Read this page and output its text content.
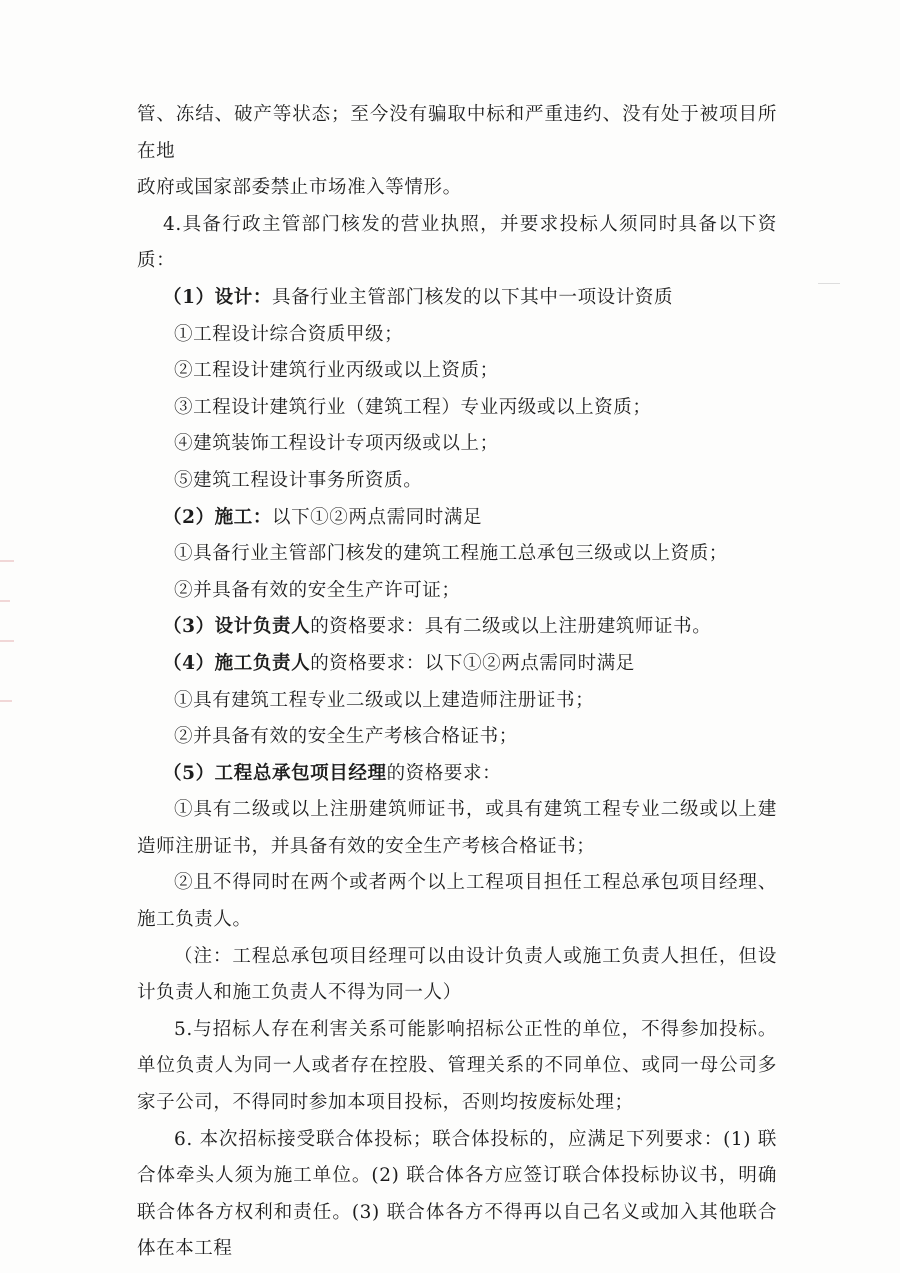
管、冻结、破产等状态；至今没有骗取中标和严重违约、没有处于被项目所在地

政府或国家部委禁止市场准入等情形。

4.具备行政主管部门核发的营业执照，并要求投标人须同时具备以下资质：

（1）设计：具备行业主管部门核发的以下其中一项设计资质

①工程设计综合资质甲级；

②工程设计建筑行业丙级或以上资质；

③工程设计建筑行业（建筑工程）专业丙级或以上资质；

④建筑装饰工程设计专项丙级或以上；

⑤建筑工程设计事务所资质。

（2）施工：以下①②两点需同时满足

①具备行业主管部门核发的建筑工程施工总承包三级或以上资质；

②并具备有效的安全生产许可证；

（3）设计负责人的资格要求：具有二级或以上注册建筑师证书。

（4）施工负责人的资格要求：以下①②两点需同时满足

①具有建筑工程专业二级或以上建造师注册证书；

②并具备有效的安全生产考核合格证书；

（5）工程总承包项目经理的资格要求：

①具有二级或以上注册建筑师证书，或具有建筑工程专业二级或以上建造师注册证书，并具备有效的安全生产考核合格证书；

②且不得同时在两个或者两个以上工程项目担任工程总承包项目经理、施工负责人。

（注：工程总承包项目经理可以由设计负责人或施工负责人担任，但设计负责人和施工负责人不得为同一人）

5.与招标人存在利害关系可能影响招标公正性的单位，不得参加投标。单位负责人为同一人或者存在控股、管理关系的不同单位、或同一母公司多家子公司，不得同时参加本项目投标，否则均按废标处理；

6. 本次招标接受联合体投标；联合体投标的，应满足下列要求：(1) 联合体牵头人须为施工单位。(2) 联合体各方应签订联合体投标协议书，明确联合体各方权利和责任。(3) 联合体各方不得再以自己名义或加入其他联合体在本工程
